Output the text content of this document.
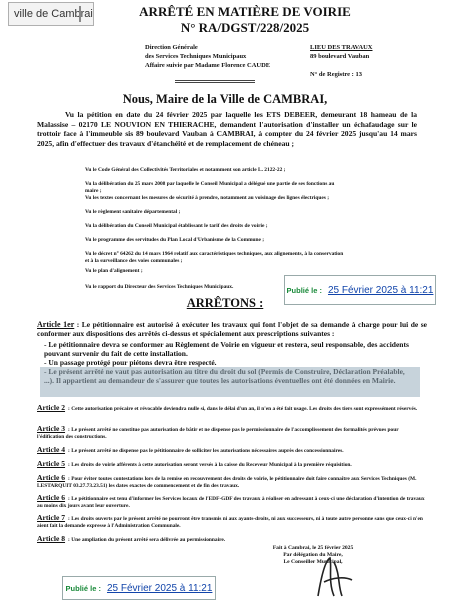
ville de Cambrai	ARRÊTÉ EN MATIÈRE DE VOIRIE
N° RA/DGST/228/2025
Direction Générale
des Services Techniques Municipaux
Affaire suivie par Madame Florence CAUDE
LIEU DES TRAVAUX
89 boulevard Vauban
N° de Registre : 13
Nous, Maire de la Ville de CAMBRAI,
Vu la pétition en date du 24 février 2025 par laquelle les ETS DEBEER, demeurant 18 hameau de la Malassise – 02170 LE NOUVION EN THIERACHE, demandent l'autorisation d'installer un échafaudage sur le trottoir face à l'immeuble sis 89 boulevard Vauban à CAMBRAI, à compter du 24 février 2025 jusqu'au 14 mars 2025, afin d'effectuer des travaux d'étanchéité et de remplacement de chéneau ;
Vu le Code Général des Collectivités Territoriales et notamment son article L. 2122-22 ;
Vu la délibération du 25 mars 2008 par laquelle le Conseil Municipal a délégué une partie de ses fonctions au maire ;
Vu les textes concernant les mesures de sécurité à prendre, notamment au voisinage des lignes électriques ;
Vu le règlement sanitaire départemental ;
Vu la délibération du Conseil Municipal établissant le tarif des droits de voirie ;
Vu le programme des servitudes du Plan Local d'Urbanisme de la Commune ;
Vu le décret n° 64262 du 14 mars 1964 relatif aux caractéristiques techniques, aux alignements, à la conservation et à la surveillance des voies communales ;
Vu le plan d'alignement ;
Vu le rapport du Directeur des Services Techniques Municipaux.	Publié le : 25 Février 2025 à 11:21
ARRÊTONS :
Article 1er : Le pétitionnaire est autorisé à exécuter les travaux qui font l'objet de sa demande à charge pour lui de se conformer aux dispositions des arrêtés ci-dessus et spécialement aux prescriptions suivantes :
- Le pétitionnaire devra se conformer au Règlement de Voirie en vigueur et restera, seul responsable, des accidents pouvant survenir du fait de cette installation.
- Un passage protégé pour piétons devra être respecté.
- Le présent arrêté ne vaut pas autorisation au titre du droit du sol (Permis de Construire, Déclaration Préalable, ...). Il appartient au demandeur de s'assurer que toutes les autorisations éventuelles ont été données en Mairie.
Article 2 : Cette autorisation précaire et révocable deviendra nulle si, dans le délai d'un an, il n'en a été fait usage. Les droits des tiers sont expressément réservés.
Article 3 : Le présent arrêté ne constitue pas autorisation de bâtir et ne dispense pas le permissionnaire de l'accomplissement des formalités prévues pour l'édification des constructions.
Article 4 : Le présent arrêté ne dispense pas le pétitionnaire de solliciter les autorisations nécessaires auprès des concessionnaires.
Article 5 : Les droits de voirie afférents à cette autorisation seront versés à la caisse du Receveur Municipal à la première réquisition.
Article 6 : Pour éviter toutes contestations lors de la remise en recouvrement des droits de voirie, le pétitionnaire doit faire connaître aux Services Techniques (M. LESTARQUIT 03.27.73.23.51) les dates exactes de commencement et de fin des travaux.
Article 6 : Le pétitionnaire est tenu d'informer les Services locaux de l'EDF-GDF des travaux à réaliser en adressant à ceux-ci une déclaration d'intention de travaux au moins dix jours avant leur ouverture.
Article 7 : Les droits ouverts par le présent arrêté ne pourront être transmis ni aux ayants-droits, ni aux successeurs, ni à toute autre personne sans que ceux-ci n'en aient fait la demande expresse à l'Administration Communale.
Article 8 : Une ampliation du présent arrêté sera délivrée au permissionnaire.
Fait à Cambrai, le 25 février 2025
Par délégation du Maire,
Le Conseiller Municipal,
Publié le : 25 Février 2025 à 11:21
